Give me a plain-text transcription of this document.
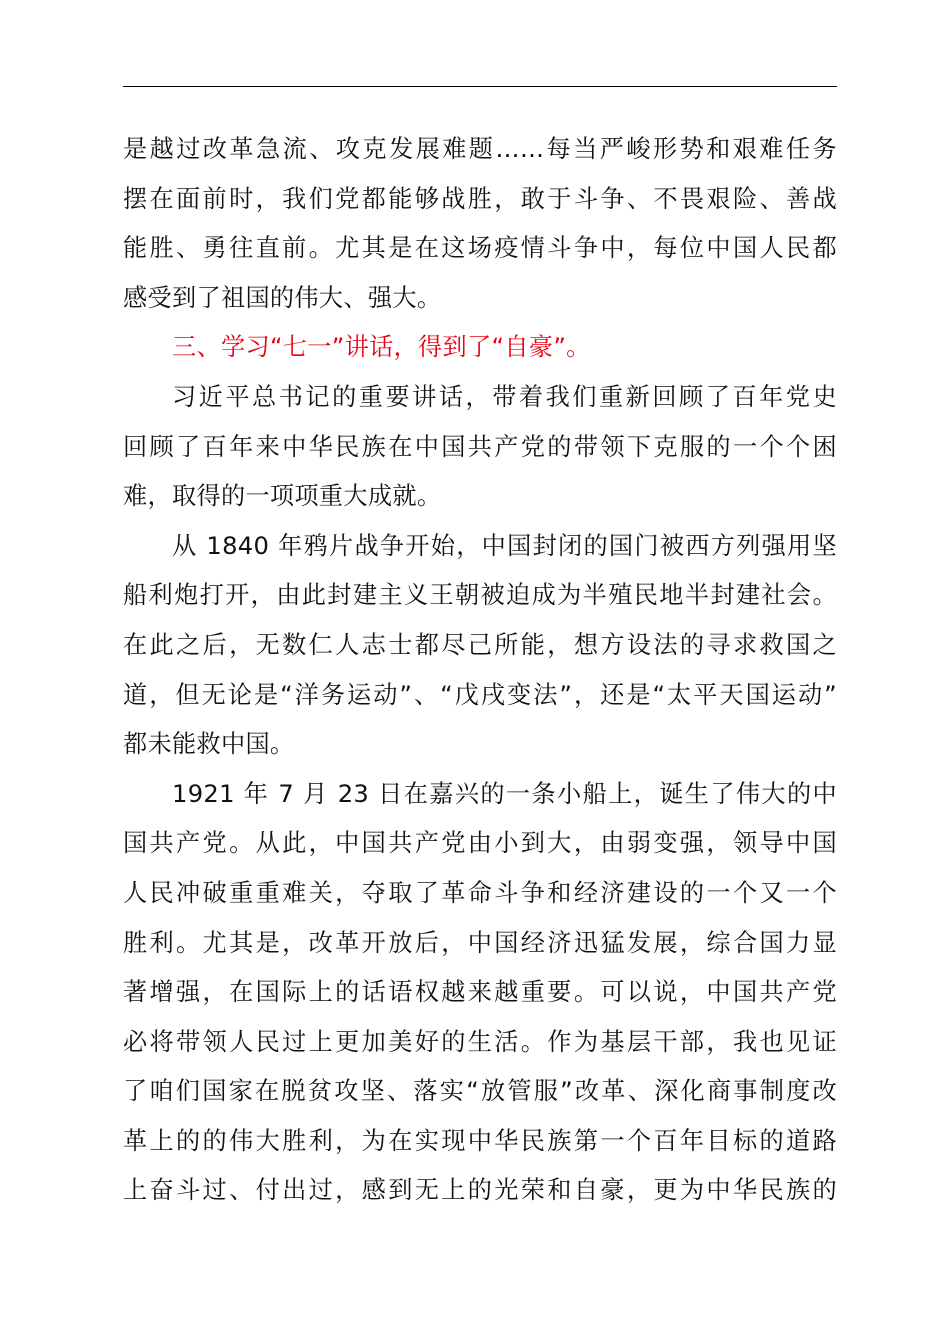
是越过改革急流、攻克发展难题……每当严峻形势和艰难任务
摆在面前时，我们党都能够战胜，敢于斗争、不畏艰险、善战
能胜、勇往直前。尤其是在这场疫情斗争中，每位中国人民都
感受到了祖国的伟大、强大。
三、学习“七一”讲话，得到了“自豪”。
习近平总书记的重要讲话，带着我们重新回顾了百年党史
回顾了百年来中华民族在中国共产党的带领下克服的一个个困
难，取得的一项项重大成就。
从 1840 年鸦片战争开始，中国封闭的国门被西方列强用坚
船利炮打开，由此封建主义王朝被迫成为半殖民地半封建社会。
在此之后，无数仁人志士都尽己所能，想方设法的寻求救国之
道，但无论是“洋务运动”、“戊戌变法”，还是“太平天国运动”
都未能救中国。
1921 年 7 月 23 日在嘉兴的一条小船上，诞生了伟大的中
国共产党。从此，中国共产党由小到大，由弱变强，领导中国
人民冲破重重难关，夺取了革命斗争和经济建设的一个又一个
胜利。尤其是，改革开放后，中国经济迅猛发展，综合国力显
著增强，在国际上的话语权越来越重要。可以说，中国共产党
必将带领人民过上更加美好的生活。作为基层干部，我也见证
了咱们国家在脱贫攻坚、落实“放管服”改革、深化商事制度改
革上的的伟大胜利，为在实现中华民族第一个百年目标的道路
上奋斗过、付出过，感到无上的光荣和自豪，更为中华民族的
